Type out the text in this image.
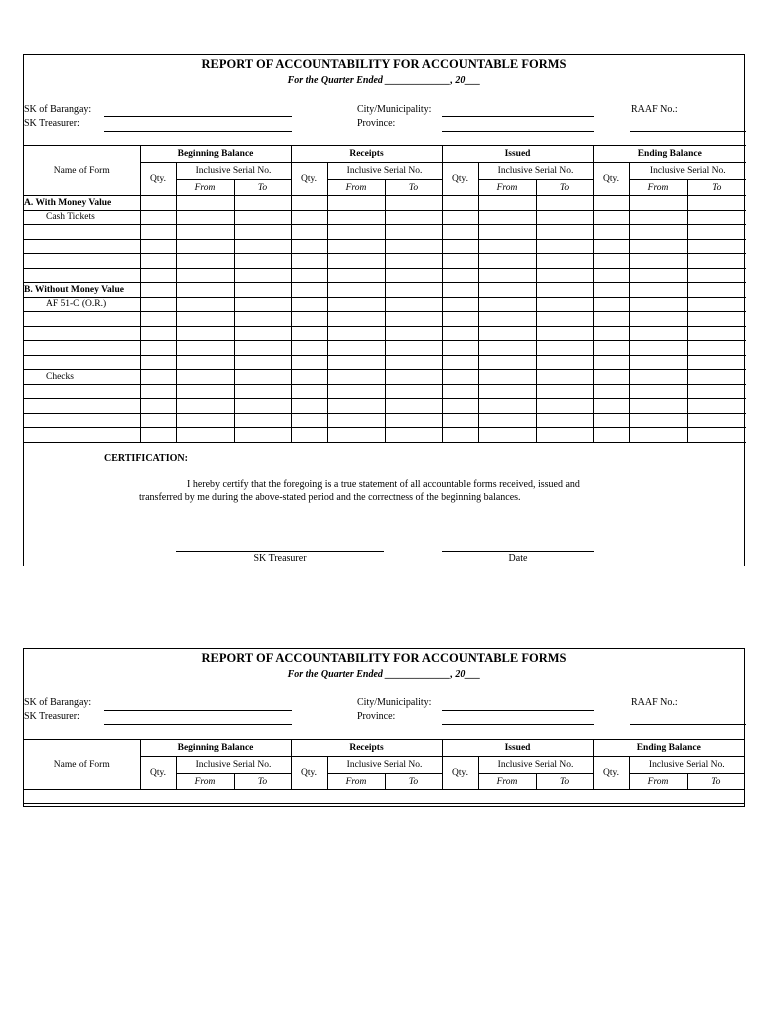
REPORT OF ACCOUNTABILITY FOR ACCOUNTABLE FORMS
For the Quarter Ended _____________, 20___
SK of Barangay:
SK Treasurer:
City/Municipality:
Province:
RAAF No.:
Name of Form	Beginning Balance			Receipts			Issued			Ending Balance		
	Qty.	Inclusive Serial No.		Qty.	Inclusive Serial No.		Qty.	Inclusive Serial No.		Qty.	Inclusive Serial No.	
		From	To		From	To		From	To		From	To
A. With Money Value												
Cash Tickets												

B. Without Money Value												
AF 51-C (O.R.)												

Checks												

CERTIFICATION:
I hereby certify that the foregoing is a true statement of all accountable forms received, issued and
transferred by me during the above-stated period and the correctness of the beginning balances.
SK Treasurer	Date
REPORT OF ACCOUNTABILITY FOR ACCOUNTABLE FORMS
For the Quarter Ended _____________, 20___
SK of Barangay:
SK Treasurer:
City/Municipality:
Province:
RAAF No.:
Name of Form	Beginning Balance			Receipts			Issued			Ending Balance		
	Qty.	Inclusive Serial No.		Qty.	Inclusive Serial No.		Qty.	Inclusive Serial No.		Qty.	Inclusive Serial No.	
		From	To		From	To		From	To		From	To
